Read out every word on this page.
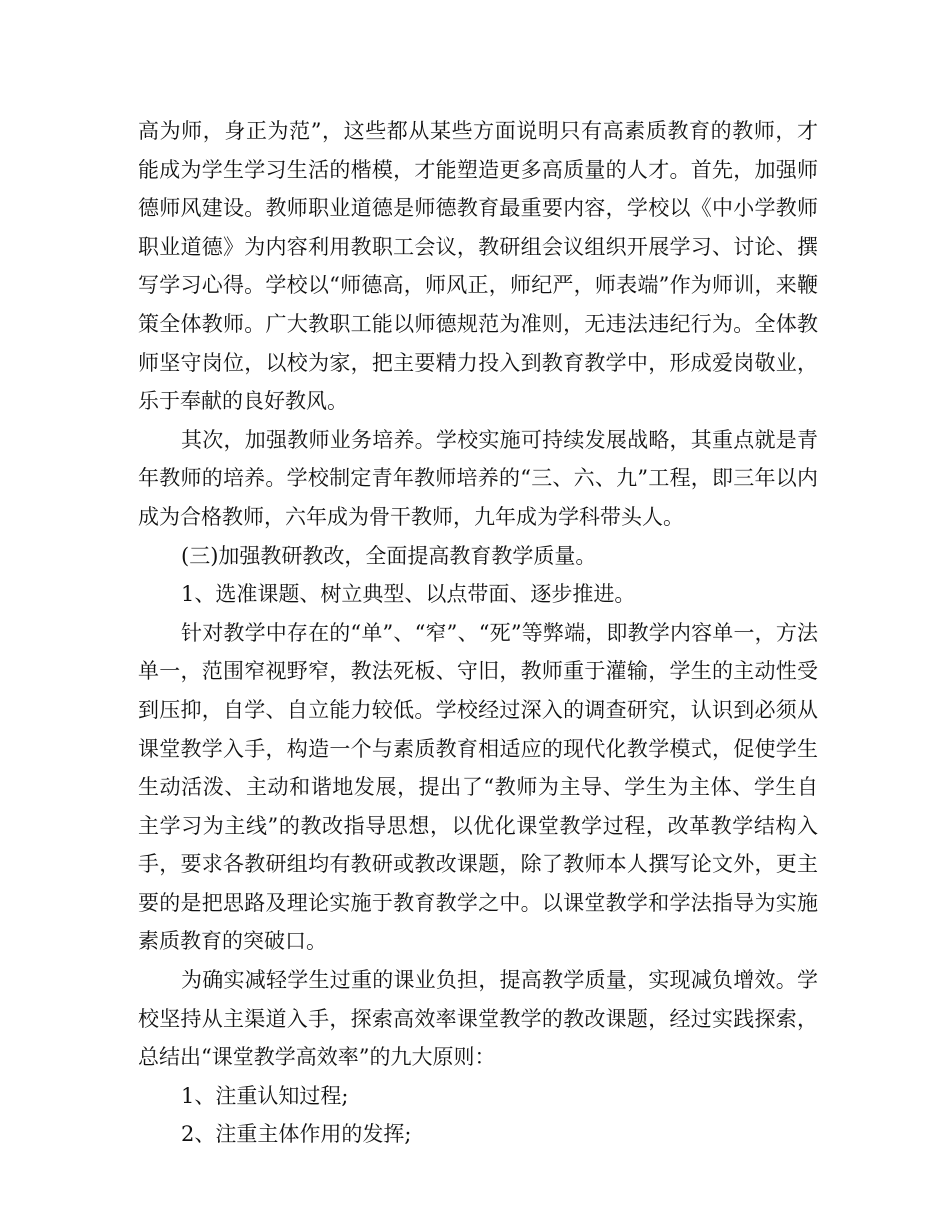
高为师，身正为范”，这些都从某些方面说明只有高素质教育的教师，才能成为学生学习生活的楷模，才能塑造更多高质量的人才。首先，加强师德师风建设。教师职业道德是师德教育最重要内容，学校以《中小学教师职业道德》为内容利用教职工会议，教研组会议组织开展学习、讨论、撰写学习心得。学校以“师德高，师风正，师纪严，师表端”作为师训，来鞭策全体教师。广大教职工能以师德规范为准则，无违法违纪行为。全体教师坚守岗位，以校为家，把主要精力投入到教育教学中，形成爱岗敬业，乐于奉献的良好教风。

其次，加强教师业务培养。学校实施可持续发展战略，其重点就是青年教师的培养。学校制定青年教师培养的“三、六、九”工程，即三年以内成为合格教师，六年成为骨干教师，九年成为学科带头人。

(三)加强教研教改，全面提高教育教学质量。

1、选准课题、树立典型、以点带面、逐步推进。

针对教学中存在的“单”、“窄”、“死”等弊端，即教学内容单一，方法单一，范围窄视野窄，教法死板、守旧，教师重于灌输，学生的主动性受到压抑，自学、自立能力较低。学校经过深入的调查研究，认识到必须从课堂教学入手，构造一个与素质教育相适应的现代化教学模式，促使学生生动活泼、主动和谐地发展，提出了“教师为主导、学生为主体、学生自主学习为主线”的教改指导思想，以优化课堂教学过程，改革教学结构入手，要求各教研组均有教研或教改课题，除了教师本人撰写论文外，更主要的是把思路及理论实施于教育教学之中。以课堂教学和学法指导为实施素质教育的突破口。

为确实减轻学生过重的课业负担，提高教学质量，实现减负增效。学校坚持从主渠道入手，探索高效率课堂教学的教改课题，经过实践探索，总结出“课堂教学高效率”的九大原则：

1、注重认知过程;

2、注重主体作用的发挥;
